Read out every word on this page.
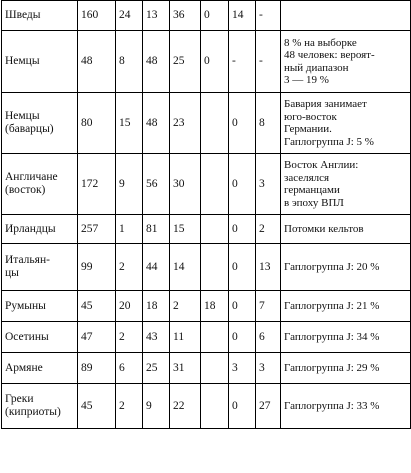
Шведы	160	24	13	36	0	14	-	
Немцы	48	8	48	25	0	-	-	8 % на выборке
48 человек: вероят-
ный диапазон
3 — 19 %
Немцы
(баварцы)	80	15	48	23		0	8	Бавария занимает
юго-восток
Германии.
Гаплогруппа J: 5 %
Англичане
(восток)	172	9	56	30		0	3	Восток Англии:
заселялся
германцами
в эпоху ВПЛ
Ирландцы	257	1	81	15		0	2	Потомки кельтов
Итальян-
цы	99	2	44	14		0	13	Гаплогруппа J: 20 %
Румыны	45	20	18	2	18	0	7	Гаплогруппа J: 21 %
Осетины	47	2	43	11		0	6	Гаплогруппа J: 34 %
Армяне	89	6	25	31		3	3	Гаплогруппа J: 29 %
Греки
(киприоты)	45	2	9	22		0	27	Гаплогруппа J: 33 %
